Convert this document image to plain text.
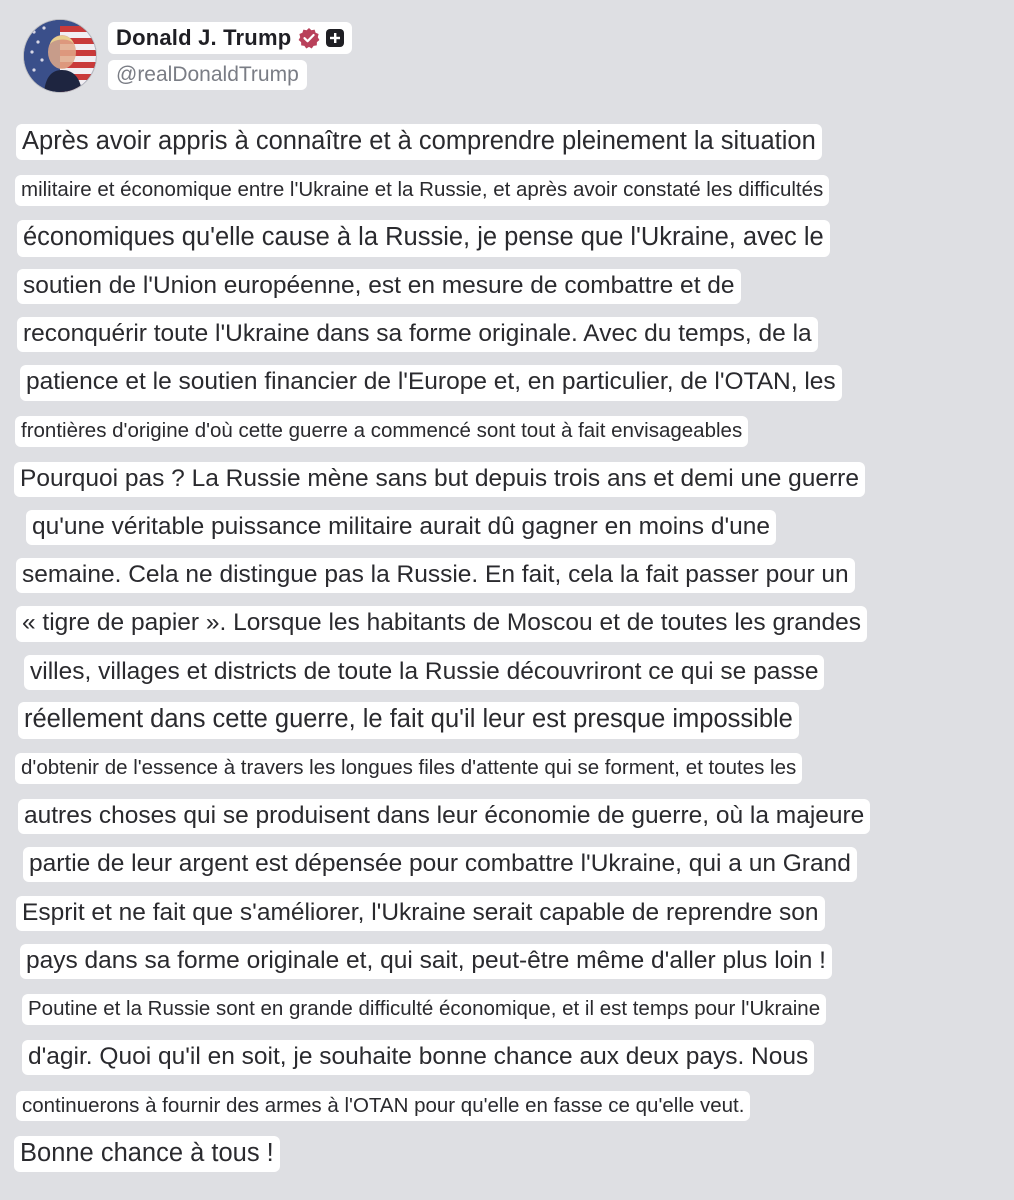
Donald J. Trump
@realDonaldTrump
Après avoir appris à connaître et à comprendre pleinement la situation
militaire et économique entre l'Ukraine et la Russie, et après avoir constaté les difficultés
économiques qu'elle cause à la Russie, je pense que l'Ukraine, avec le
soutien de l'Union européenne, est en mesure de combattre et de
reconquérir toute l'Ukraine dans sa forme originale. Avec du temps, de la
patience et le soutien financier de l'Europe et, en particulier, de l'OTAN, les
frontières d'origine d'où cette guerre a commencé sont tout à fait envisageables
Pourquoi pas ? La Russie mène sans but depuis trois ans et demi une guerre
qu'une véritable puissance militaire aurait dû gagner en moins d'une
semaine. Cela ne distingue pas la Russie. En fait, cela la fait passer pour un
« tigre de papier ». Lorsque les habitants de Moscou et de toutes les grandes
villes, villages et districts de toute la Russie découvriront ce qui se passe
réellement dans cette guerre, le fait qu'il leur est presque impossible
d'obtenir de l'essence à travers les longues files d'attente qui se forment, et toutes les
autres choses qui se produisent dans leur économie de guerre, où la majeure
partie de leur argent est dépensée pour combattre l'Ukraine, qui a un Grand
Esprit et ne fait que s'améliorer, l'Ukraine serait capable de reprendre son
pays dans sa forme originale et, qui sait, peut-être même d'aller plus loin !
Poutine et la Russie sont en grande difficulté économique, et il est temps pour l'Ukraine
d'agir. Quoi qu'il en soit, je souhaite bonne chance aux deux pays. Nous
continuerons à fournir des armes à l'OTAN pour qu'elle en fasse ce qu'elle veut.
Bonne chance à tous !
